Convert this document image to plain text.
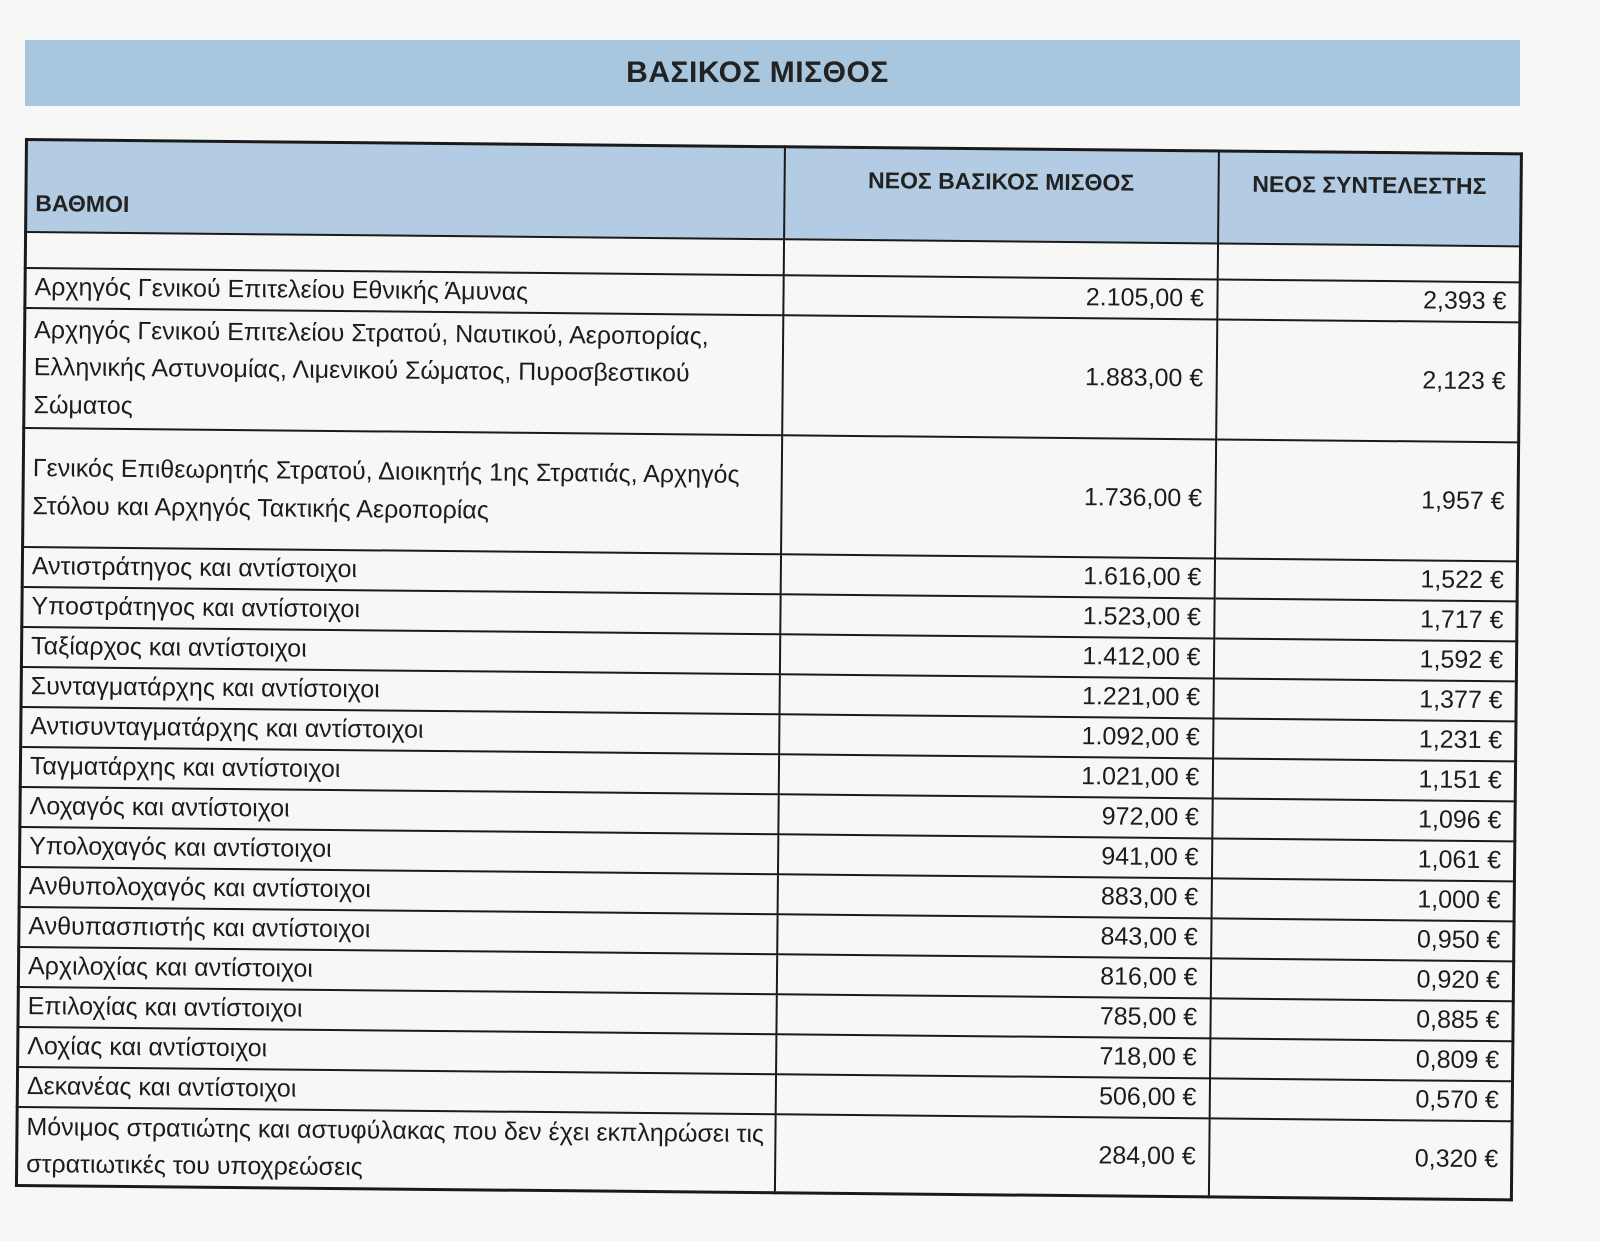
ΒΑΣΙΚΟΣ ΜΙΣΘΟΣ
ΒΑΘΜΟΙ	ΝΕΟΣ ΒΑΣΙΚΟΣ ΜΙΣΘΟΣ	ΝΕΟΣ ΣΥΝΤΕΛΕΣΤΗΣ

Αρχηγός Γενικού Επιτελείου Εθνικής Άμυνας	2.105,00 €	2,393 €
Αρχηγός Γενικού Επιτελείου Στρατού, Ναυτικού, Αεροπορίας, Ελληνικής Αστυνομίας, Λιμενικού Σώματος, Πυροσβεστικού Σώματος	1.883,00 €	2,123 €
Γενικός Επιθεωρητής Στρατού, Διοικητής 1ης Στρατιάς, Αρχηγός Στόλου και Αρχηγός Τακτικής Αεροπορίας	1.736,00 €	1,957 €
Αντιστράτηγος και αντίστοιχοι	1.616,00 €	1,522 €
Υποστράτηγος και αντίστοιχοι	1.523,00 €	1,717 €
Ταξίαρχος και αντίστοιχοι	1.412,00 €	1,592 €
Συνταγματάρχης και αντίστοιχοι	1.221,00 €	1,377 €
Αντισυνταγματάρχης και αντίστοιχοι	1.092,00 €	1,231 €
Ταγματάρχης και αντίστοιχοι	1.021,00 €	1,151 €
Λοχαγός και αντίστοιχοι	972,00 €	1,096 €
Υπολοχαγός και αντίστοιχοι	941,00 €	1,061 €
Ανθυπολοχαγός και αντίστοιχοι	883,00 €	1,000 €
Ανθυπασπιστής και αντίστοιχοι	843,00 €	0,950 €
Αρχιλοχίας και αντίστοιχοι	816,00 €	0,920 €
Επιλοχίας και αντίστοιχοι	785,00 €	0,885 €
Λοχίας και αντίστοιχοι	718,00 €	0,809 €
Δεκανέας και αντίστοιχοι	506,00 €	0,570 €
Μόνιμος στρατιώτης και αστυφύλακας που δεν έχει εκπληρώσει τις στρατιωτικές του υποχρεώσεις	284,00 €	0,320 €
